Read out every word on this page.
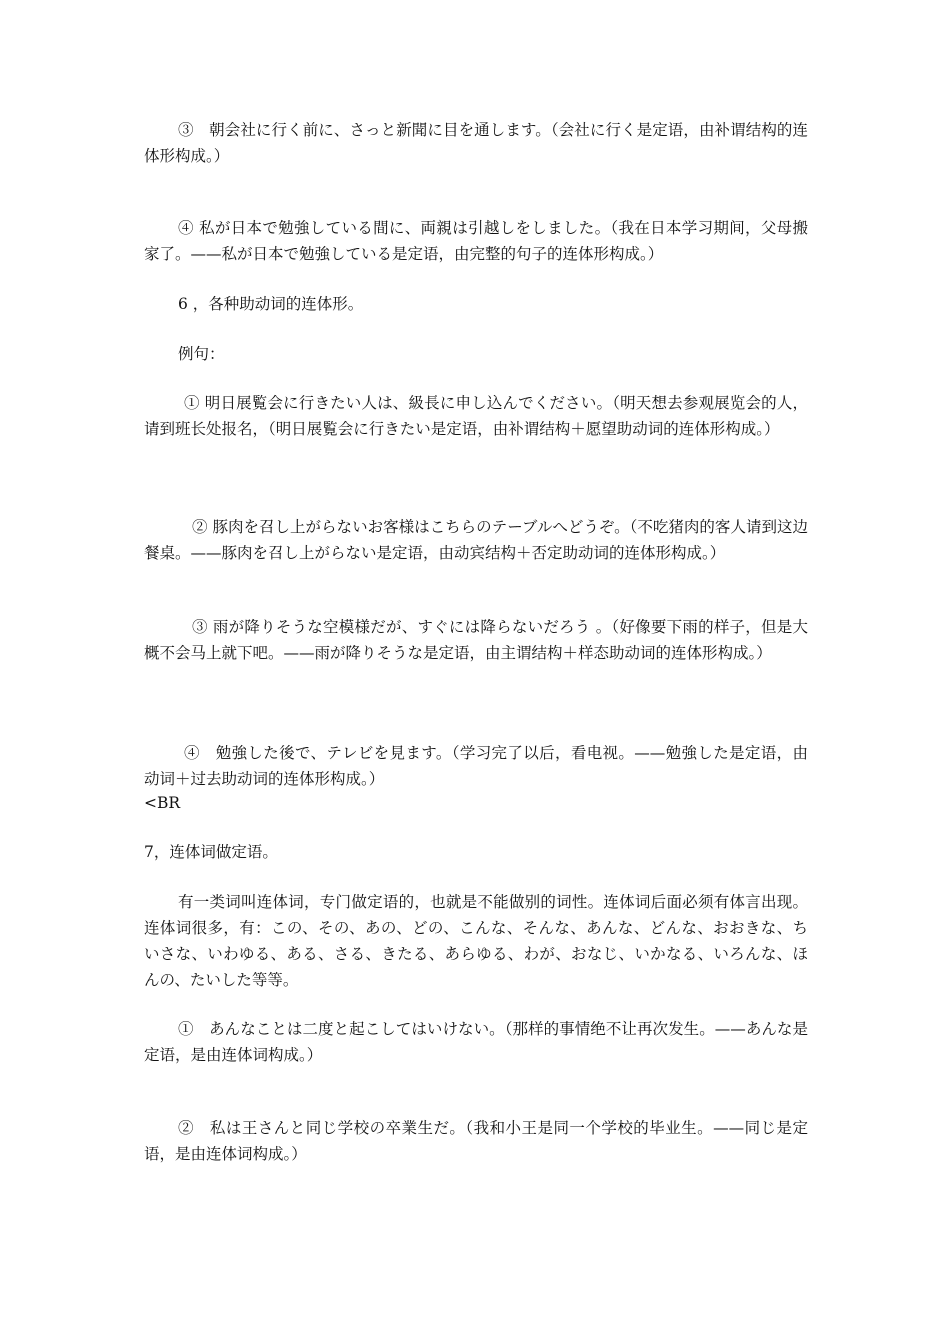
③　朝会社に行く前に、さっと新聞に目を通します。（会社に行く是定语，由补谓结构的连体形构成。）

④ 私が日本で勉強している間に、両親は引越しをしました。（我在日本学习期间，父母搬家了。——私が日本で勉強している是定语，由完整的句子的连体形构成。）

6 ，各种助动词的连体形。

例句：

① 明日展覧会に行きたい人は、級長に申し込んでください。（明天想去参观展览会的人，请到班长处报名，（明日展覧会に行きたい是定语，由补谓结构＋愿望助动词的连体形构成。）

② 豚肉を召し上がらないお客様はこちらのテーブルへどうぞ。（不吃猪肉的客人请到这边餐桌。——豚肉を召し上がらない是定语，由动宾结构＋否定助动词的连体形构成。）

③ 雨が降りそうな空模様だが、すぐには降らないだろう 。（好像要下雨的样子，但是大概不会马上就下吧。——雨が降りそうな是定语，由主谓结构＋样态助动词的连体形构成。）

④　勉強した後で、テレビを見ます。（学习完了以后，看电视。——勉強した是定语，由动词＋过去助动词的连体形构成。）

<BR

7，连体词做定语。

有一类词叫连体词，专门做定语的，也就是不能做别的词性。连体词后面必须有体言出现。连体词很多，有：この、その、あの、どの、こんな、そんな、あんな、どんな、おおきな、ちいさな、いわゆる、ある、さる、きたる、あらゆる、わが、おなじ、いかなる、いろんな、ほんの、たいした等等。

①　あんなことは二度と起こしてはいけない。（那样的事情绝不让再次发生。——あんな是定语，是由连体词构成。）

②　私は王さんと同じ学校の卒業生だ。（我和小王是同一个学校的毕业生。——同じ是定语，是由连体词构成。）
